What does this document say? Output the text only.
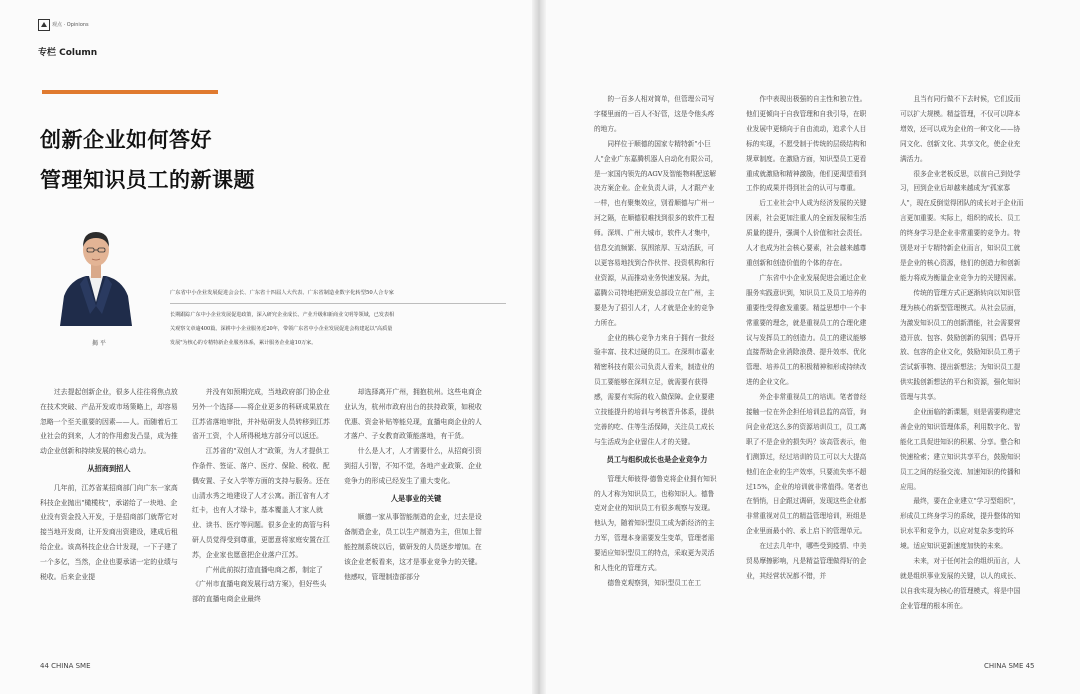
观点 · Opinions
专栏 Column
创新企业如何答好
管理知识员工的新课题
揭 平
广东省中小企业发展促进会会长、广东省十四届人大代表、广东省制造业数字化转型50人合专家
长期跟踪广东中小企业发展促进政策，深入研究企业成长、产业升级和新商业文明等领域，已发表相
关观察文章逾400篇。深耕中小企业服务近20年，带领广东省中小企业发展促进会构建起以"高质量
发展"为核心的专精特新企业服务体系，累计服务企业逾10万家。

过去提起创新企业，很多人往往将焦点放在技术突破、产品开发或市场策略上，却容易忽略一个至关重要的因素——人。而随着后工业社会的到来，人才的作用愈发凸显，成为推动企业创新和持续发展的核心动力。

从招商到招人

几年前，江苏省某招商部门向广东一家高科技企业抛出"橄榄枝"，承诺给了一块地、企业没有资金投入开发，于是招商部门就帮它对接当地开发商，让开发商出资建设，建成后租给企业。该高科技企业合计发现，一下子建了一个多亿，当然，企业也要承诺一定的业绩与税收。后来企业提

并没有如预期完成，当地政府部门协企业另外一个选择——将企业更多的科研成果放在江苏省落地审批，并补贴研发人员转移到江苏省开工资，个人所得税地方部分可以返还。

江苏省的"双创人才"政策，为人才提供工作条件、签证、落户、医疗、保险、税收、配偶安置、子女入学等方面的支持与服务。还在山清水秀之地建设了人才公寓。浙江省有人才红卡，也有人才绿卡，基本覆盖人才家人就业、读书、医疗等问题。很多企业的高管与科研人员觉得受到尊重，更愿意将家庭安置在江苏，企业家也愿意把企业落户江苏。

广州此前拟打造直播电商之都，制定了《广州市直播电商发展行动方案》，但好些头部的直播电商企业最终

却选择离开广州，拥抱杭州。这些电商企业认为，杭州市政府出台的扶持政策，如税收优惠、资金补贴等能兑现，直播电商企业的人才落户、子女教育政策能落地，有干货。

什么是人才，人才需要什么，从招商引资到招人引智，不知不觉，各地产业政策、企业竞争力的形成已经发生了重大变化。

人是事业的关键

顺德一家从事智能制造的企业，过去是设备制造企业，员工以生产制造为主，但加上智能控制系统以后，做研发的人员逐步增加。在该企业老板看来，这才是事业竞争力的关键。他感叹，管理制造部部分

44 CHINA SME

的一百多人相对简单，但管理公司写字楼里面的一百人不好管，这是令他头疼的地方。

同样位于顺德的国家专精特新"小巨人"企业广东嘉腾机器人自动化有限公司，是一家国内领先的AGV及智能物料配送解决方案企业。企业负责人讲，人才跟产业一样，也有聚集效应，别看顺德与广州一河之隔，在顺德很难找到很多的软件工程师。深圳、广州大城市，软件人才集中，信息交流频繁、氛围浓厚、互动活跃，可以更容易地找到合作伙伴、投资机构和行业资源，从而推动业务快速发展。为此，嘉腾公司特地把研发总部设立在广州，主要是为了招引人才，人才就是企业的竞争力所在。

企业的核心竞争力来自于拥有一批经验丰富、技术过硬的员工。在深圳市嘉业精密科技有限公司负责人看来，制造业的员工要能够在深圳立足，就需要有获得感，需要有实际的收入做保障。企业要建立技能提升的培训与考核晋升体系，提供完善的吃、住等生活保障，关注员工成长与生活成为企业留住人才的关键。

员工与组织成长也是企业竞争力

管理大师彼得·德鲁克将企业拥有知识的人才称为知识员工，也称知识人。德鲁克对企业的知识员工有很多观察与发现。他认为，随着知识型员工成为新经济的主力军，管理本身需要发生变革，管理者需要适应知识型员工的特点，采取更为灵活和人性化的管理方式。

德鲁克观察到，知识型员工在工

作中表现出极强的自主性和独立性。他们更倾向于自我管理和自我引导，在职业发展中更倾向于自由流动，追求个人目标的实现，不愿受制于传统的层级结构和规章制度。在激励方面，知识型员工更看重成就激励和精神激励，他们更渴望看到工作的成果并得到社会的认可与尊重。

后工业社会中人成为经济发展的关键因素，社会更加注重人的全面发展和生活质量的提升，强调个人价值和社会责任。人才也成为社会核心要素，社会越来越尊重创新和创造价值的个体的存在。

广东省中小企业发展促进会通过企业服务实践意识到，知识员工及员工培养的重要性受得愈发重要。精益思想中一个非常重要的理念，就是重视员工的合理化建议与发挥员工的创造力。员工的建议能够直接帮助企业消除浪费、提升效率、优化管理、培养员工的积极精神和形成持续改进的企业文化。

外企非常重视员工的培训。笔者曾经接触一位在外企担任培训总监的高管，询问企业花这么多的资源培训员工，员工离职了不是企业的损失吗？该高管表示，他们测算过，经过培训的员工可以大大提高他们在企业的生产效率，只要流失率不超过15%，企业的培训就非常值得。笔者也在悄悄，日企跟过调研，发现这些企业都非常重视对员工的精益管理培训，班组是企业里面最小的、承上启下的管理单元。

在过去几年中，哪些受到疫情、中美贸易摩擦影响，凡是精益管理做得好的企业，其经营状况都不错，并

且当有同行做不下去时候，它们反而可以扩大规模。精益管理，不仅可以降本增效，还可以成为企业的一种文化——协同文化、创新文化、共享文化，使企业充满活力。

很多企业老板反思，以前自己到处学习，回到企业后却越来越成为"孤家寡人"，现在反倒觉得团队的成长对于企业而言更加重要。实际上，组织的成长、员工的终身学习是企业非常重要的竞争力。特别是对于专精特新企业而言，知识员工就是企业的核心资源，他们的创造力和创新能力将成为衡量企业竞争力的关键因素。

传统的管理方式正逐渐转向以知识管理为核心的新型管理模式。从社会层面，为激发知识员工的创新潜能，社会需要营造开放、包容、鼓励创新的氛围；倡导开放、包容的企业文化，鼓励知识员工勇于尝试新事物、提出新想法；为知识员工提供实践创新想法的平台和资源，强化知识管理与共享。

企业面临的新课题，则是需要构建完善企业的知识管理体系，利用数字化、智能化工具促进知识的积累、分享。整合和快速检索；建立知识共享平台，鼓励知识员工之间的经验交流、加速知识的传播和应用。

最终，要在企业建立"学习型组织"，形成员工终身学习的系统，提升整体的知识水平和竞争力，以应对复杂多变的环境。适应知识更新速度加快的未来。

未来，对于任何社会的组织而言，人就是组织事业发展的关键，以人的成长、以自我实现为核心的管理模式，将是中国企业管理的根本所在。

CHINA SME 45
